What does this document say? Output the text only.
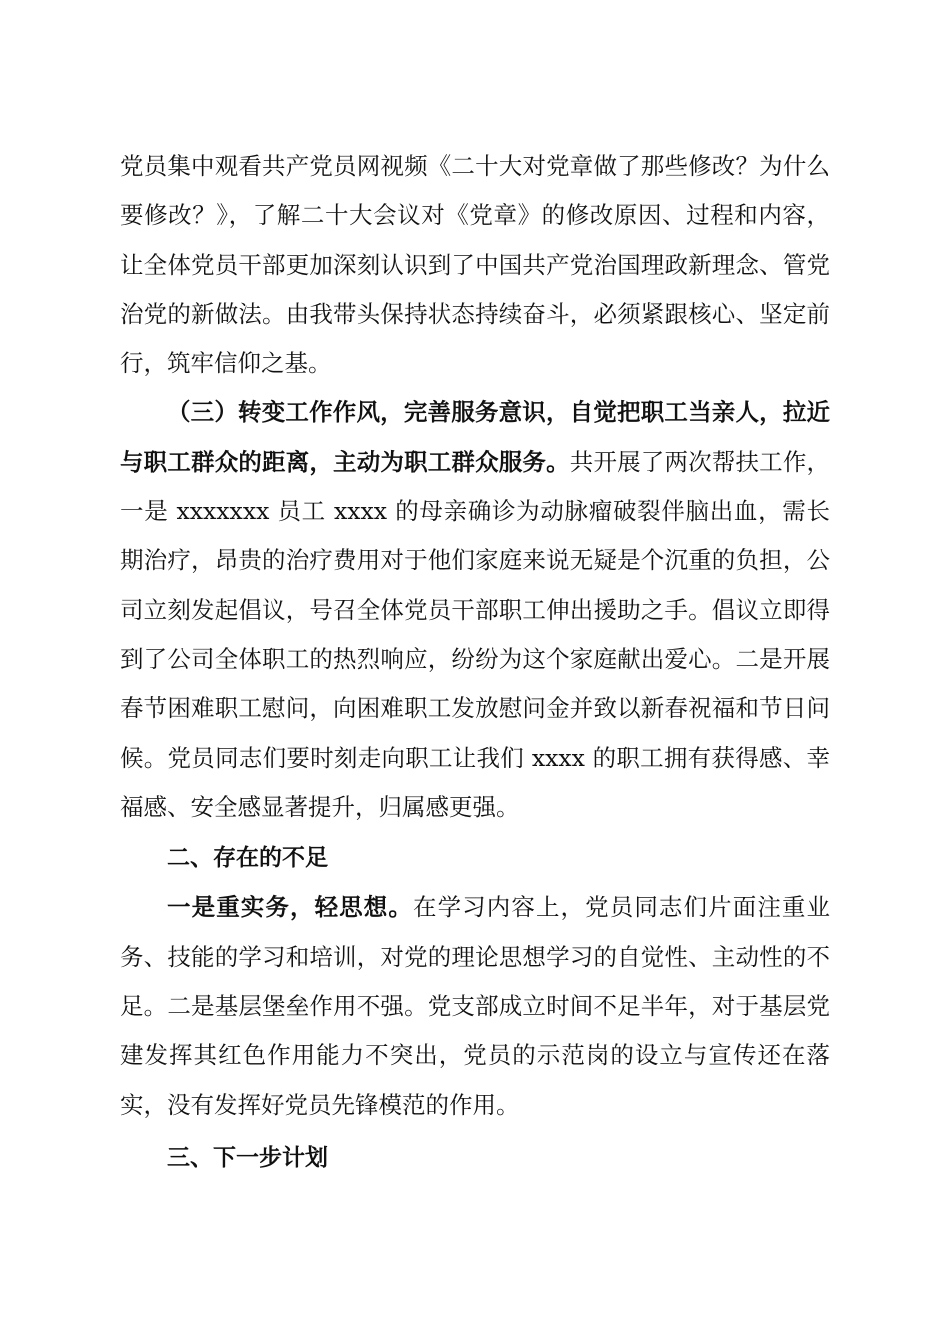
党员集中观看共产党员网视频《二十大对党章做了那些修改？为什么要修改？》，了解二十大会议对《党章》的修改原因、过程和内容，让全体党员干部更加深刻认识到了中国共产党治国理政新理念、管党治党的新做法。由我带头保持状态持续奋斗，必须紧跟核心、坚定前行，筑牢信仰之基。

（三）转变工作作风，完善服务意识，自觉把职工当亲人，拉近与职工群众的距离，主动为职工群众服务。共开展了两次帮扶工作，一是 xxxxxxx 员工 xxxx 的母亲确诊为动脉瘤破裂伴脑出血，需长期治疗，昂贵的治疗费用对于他们家庭来说无疑是个沉重的负担，公司立刻发起倡议，号召全体党员干部职工伸出援助之手。倡议立即得到了公司全体职工的热烈响应，纷纷为这个家庭献出爱心。二是开展春节困难职工慰问，向困难职工发放慰问金并致以新春祝福和节日问候。党员同志们要时刻走向职工让我们 xxxx 的职工拥有获得感、幸福感、安全感显著提升，归属感更强。

二、存在的不足

一是重实务，轻思想。在学习内容上，党员同志们片面注重业务、技能的学习和培训，对党的理论思想学习的自觉性、主动性的不足。二是基层堡垒作用不强。党支部成立时间不足半年，对于基层党建发挥其红色作用能力不突出，党员的示范岗的设立与宣传还在落实，没有发挥好党员先锋模范的作用。

三、下一步计划
